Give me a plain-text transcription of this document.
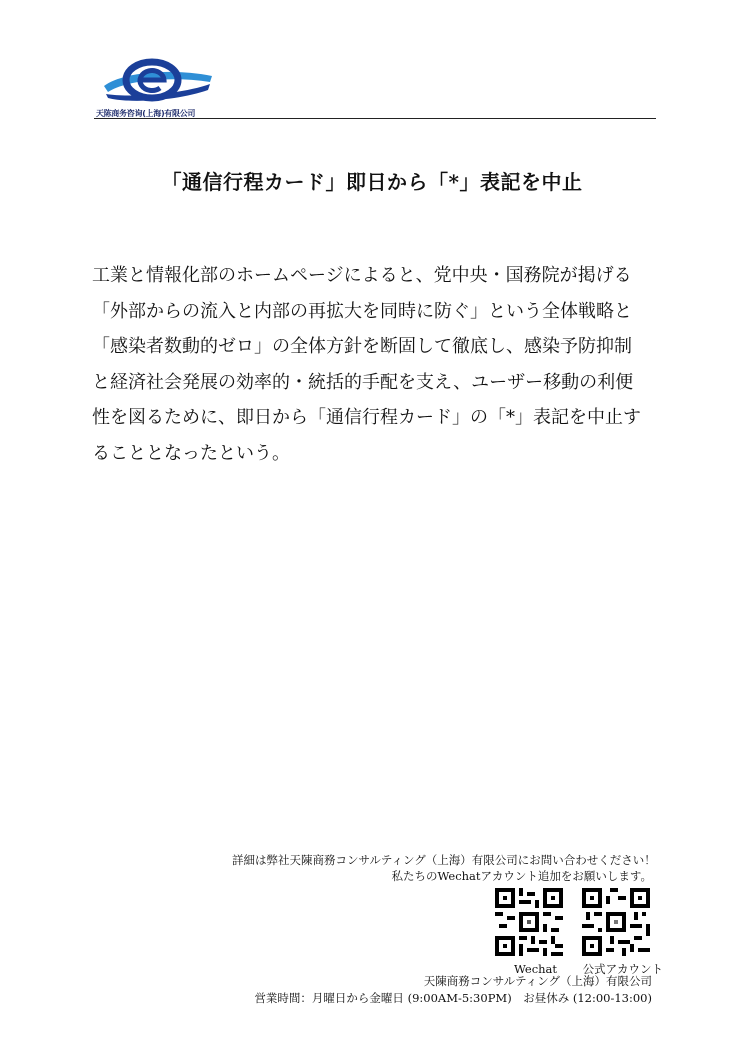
天陈商务咨询(上海)有限公司
「通信行程カード」即日から「*」表記を中止
工業と情報化部のホームページによると、党中央・国務院が掲げる
「外部からの流入と内部の再拡大を同時に防ぐ」という全体戦略と
「感染者数動的ゼロ」の全体方針を断固して徹底し、感染予防抑制
と経済社会発展の効率的・統括的手配を支え、ユーザー移動の利便
性を図るために、即日から「通信行程カード」の「*」表記を中止す
ることとなったという。
詳細は弊社天陳商務コンサルティング（上海）有限公司にお問い合わせください！
私たちのWechatアカウント追加をお願いします。
Wechat 公式アカウント
天陳商務コンサルティング（上海）有限公司
営業時間：月曜日から金曜日 (9:00AM-5:30PM)　お昼休み (12:00-13:00)
